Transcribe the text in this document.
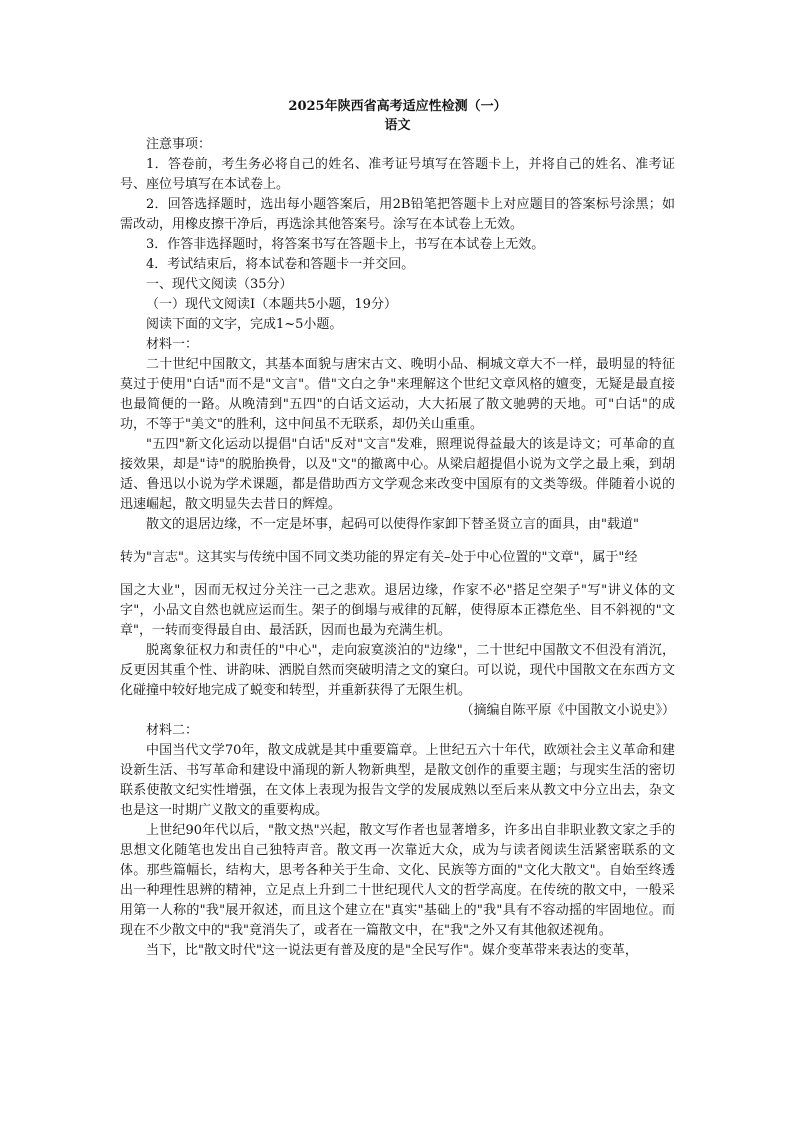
2025年陕西省高考适应性检测（一）

语文

注意事项：

1．答卷前，考生务必将自己的姓名、准考证号填写在答题卡上，并将自己的姓名、准考证号、座位号填写在本试卷上。

2．回答选择题时，选出每小题答案后，用2B铅笔把答题卡上对应题目的答案标号涂黑；如需改动，用橡皮擦干净后，再选涂其他答案号。涂写在本试卷上无效。

3．作答非选择题时，将答案书写在答题卡上，书写在本试卷上无效。

4．考试结束后，将本试卷和答题卡一并交回。

一、现代文阅读（35分）

（一）现代文阅读Ⅰ（本题共5小题，19分）

阅读下面的文字，完成1~5小题。

材料一：

二十世纪中国散文，其基本面貌与唐宋古文、晚明小品、桐城文章大不一样，最明显的特征莫过于使用"白话"而不是"文言"。借"文白之争"来理解这个世纪文章风格的嬗变，无疑是最直接也最简便的一路。从晚清到"五四"的白话文运动，大大拓展了散文驰骋的天地。可"白话"的成功，不等于"美文"的胜利，这中间虽不无联系，却仍关山重重。

"五四"新文化运动以提倡"白话"反对"文言"发难，照理说得益最大的该是诗文；可革命的直接效果，却是"诗"的脱胎换骨，以及"文"的撤离中心。从梁启超提倡小说为文学之最上乘，到胡适、鲁迅以小说为学术课题，都是借助西方文学观念来改变中国原有的文类等级。伴随着小说的迅速崛起，散文明显失去昔日的辉煌。

散文的退居边缘，不一定是坏事，起码可以使得作家卸下替圣贤立言的面具，由"载道"

转为"言志"。这其实与传统中国不同文类功能的界定有关–处于中心位置的"文章"，属于"经

国之大业"，因而无权过分关注一己之悲欢。退居边缘，作家不必"搭足空架子"写"讲义体的文字"，小品文自然也就应运而生。架子的倒塌与戒律的瓦解，使得原本正襟危坐、目不斜视的"文章"，一转而变得最自由、最活跃，因而也最为充满生机。

脱离象征权力和责任的"中心"，走向寂寞淡泊的"边缘"，二十世纪中国散文不但没有消沉，反更因其重个性、讲韵味、洒脱自然而突破明清之文的窠臼。可以说，现代中国散文在东西方文化碰撞中较好地完成了蜕变和转型，并重新获得了无限生机。

（摘编自陈平原《中国散文小说史》）

材料二：

中国当代文学70年，散文成就是其中重要篇章。上世纪五六十年代，欧颂社会主义革命和建设新生活、书写革命和建设中涌现的新人物新典型，是散文创作的重要主题；与现实生活的密切联系使散文纪实性增强，在文体上表现为报告文学的发展成熟以至后来从教文中分立出去，杂文也是这一时期广义散文的重要构成。

上世纪90年代以后，"散文热"兴起，散文写作者也显著增多，许多出自非职业教文家之手的思想文化随笔也发出自己独特声音。散文再一次靠近大众，成为与读者阅读生活紧密联系的文体。那些篇幅长，结构大，思考各种关于生命、文化、民族等方面的"文化大散文"。自始至终透出一种理性思辨的精神，立足点上升到二十世纪现代人文的哲学高度。在传统的散文中，一般采用第一人称的"我"展开叙述，而且这个建立在"真实"基础上的"我"具有不容动摇的牢固地位。而现在不少散文中的"我"竟消失了，或者在一篇散文中，在"我"之外又有其他叙述视角。

当下，比"散文时代"这一说法更有普及度的是"全民写作"。媒介变革带来表达的变革，
